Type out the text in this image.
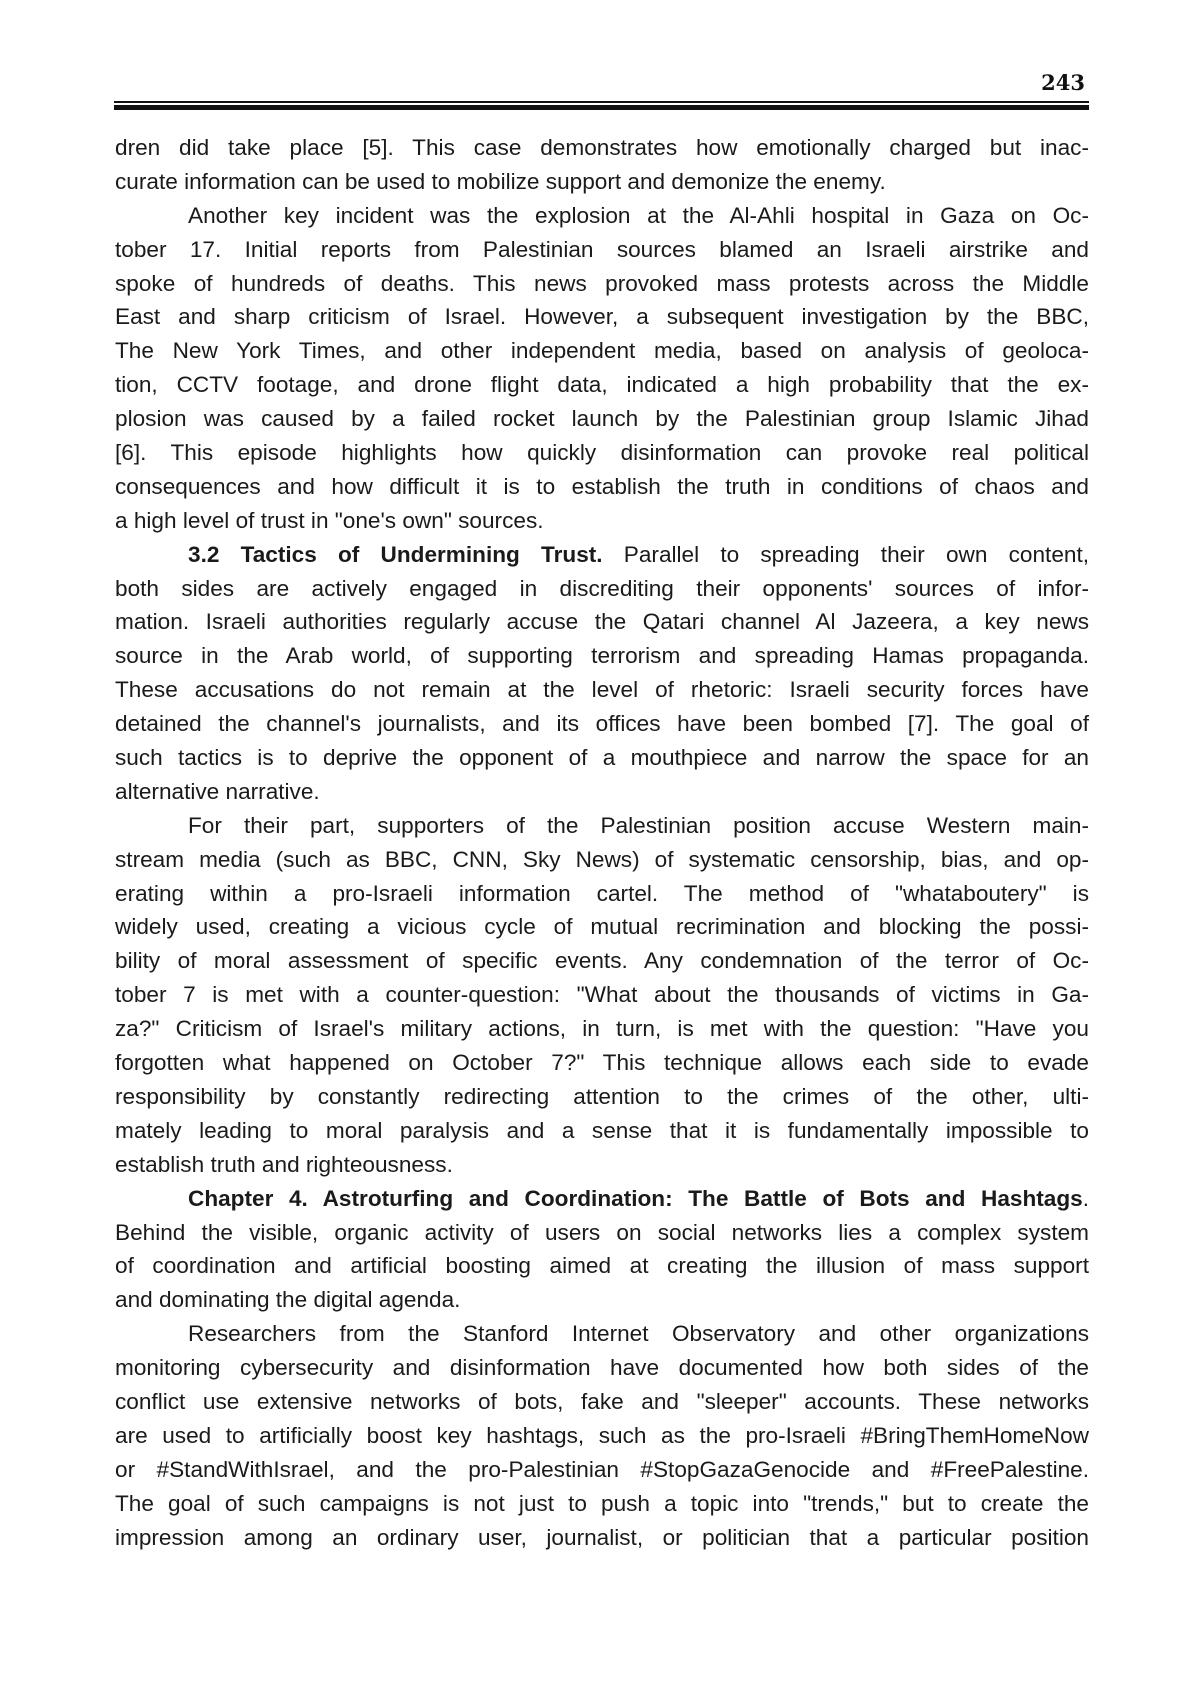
243
dren did take place [5]. This case demonstrates how emotionally charged but inac-
curate information can be used to mobilize support and demonize the enemy.
Another key incident was the explosion at the Al-Ahli hospital in Gaza on Oc-
tober 17. Initial reports from Palestinian sources blamed an Israeli airstrike and
spoke of hundreds of deaths. This news provoked mass protests across the Middle
East and sharp criticism of Israel. However, a subsequent investigation by the BBC,
The New York Times, and other independent media, based on analysis of geoloca-
tion, CCTV footage, and drone flight data, indicated a high probability that the ex-
plosion was caused by a failed rocket launch by the Palestinian group Islamic Jihad
[6]. This episode highlights how quickly disinformation can provoke real political
consequences and how difficult it is to establish the truth in conditions of chaos and
a high level of trust in "one's own" sources.
3.2 Tactics of Undermining Trust. Parallel to spreading their own content,
both sides are actively engaged in discrediting their opponents' sources of infor-
mation. Israeli authorities regularly accuse the Qatari channel Al Jazeera, a key news
source in the Arab world, of supporting terrorism and spreading Hamas propaganda.
These accusations do not remain at the level of rhetoric: Israeli security forces have
detained the channel's journalists, and its offices have been bombed [7]. The goal of
such tactics is to deprive the opponent of a mouthpiece and narrow the space for an
alternative narrative.
For their part, supporters of the Palestinian position accuse Western main-
stream media (such as BBC, CNN, Sky News) of systematic censorship, bias, and op-
erating within a pro-Israeli information cartel. The method of "whataboutery" is
widely used, creating a vicious cycle of mutual recrimination and blocking the possi-
bility of moral assessment of specific events. Any condemnation of the terror of Oc-
tober 7 is met with a counter-question: "What about the thousands of victims in Ga-
za?" Criticism of Israel's military actions, in turn, is met with the question: "Have you
forgotten what happened on October 7?" This technique allows each side to evade
responsibility by constantly redirecting attention to the crimes of the other, ulti-
mately leading to moral paralysis and a sense that it is fundamentally impossible to
establish truth and righteousness.
Chapter 4. Astroturfing and Coordination: The Battle of Bots and Hashtags.
Behind the visible, organic activity of users on social networks lies a complex system
of coordination and artificial boosting aimed at creating the illusion of mass support
and dominating the digital agenda.
Researchers from the Stanford Internet Observatory and other organizations
monitoring cybersecurity and disinformation have documented how both sides of the
conflict use extensive networks of bots, fake and "sleeper" accounts. These networks
are used to artificially boost key hashtags, such as the pro-Israeli #BringThemHomeNow
or #StandWithIsrael, and the pro-Palestinian #StopGazaGenocide and #FreePalestine.
The goal of such campaigns is not just to push a topic into "trends," but to create the
impression among an ordinary user, journalist, or politician that a particular position
